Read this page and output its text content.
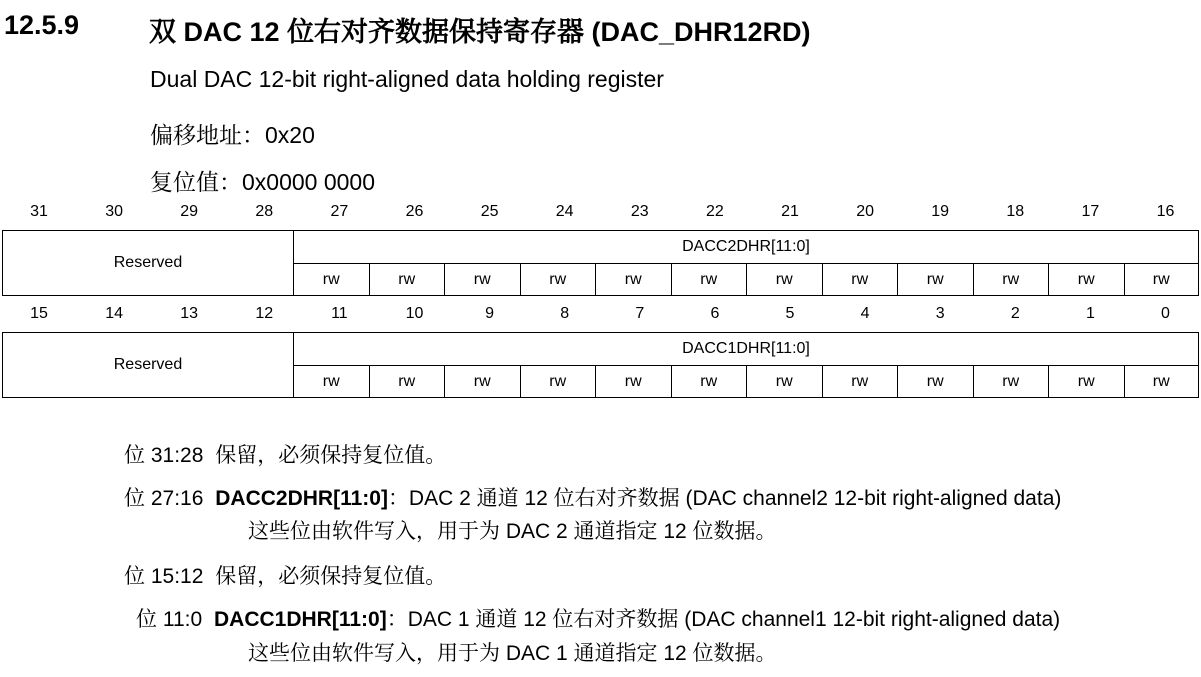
12.5.9	双 DAC 12 位右对齐数据保持寄存器 (DAC_DHR12RD)
Dual DAC 12-bit right-aligned data holding register
偏移地址：0x20
复位值：0x0000 0000
31	30	29	28	27	26	25	24	23	22	21	20	19	18	17	16
Reserved
DACC2DHR[11:0]
rw	rw	rw	rw	rw	rw	rw	rw	rw	rw	rw	rw
15	14	13	12	11	10	9	8	7	6	5	4	3	2	1	0
Reserved
DACC1DHR[11:0]
rw	rw	rw	rw	rw	rw	rw	rw	rw	rw	rw	rw
位 31:28 保留，必须保持复位值。
位 27:16 DACC2DHR[11:0]：DAC 2 通道 12 位右对齐数据 (DAC channel2 12-bit right-aligned data)
这些位由软件写入，用于为 DAC 2 通道指定 12 位数据。
位 15:12 保留，必须保持复位值。
位 11:0 DACC1DHR[11:0]：DAC 1 通道 12 位右对齐数据 (DAC channel1 12-bit right-aligned data)
这些位由软件写入，用于为 DAC 1 通道指定 12 位数据。
